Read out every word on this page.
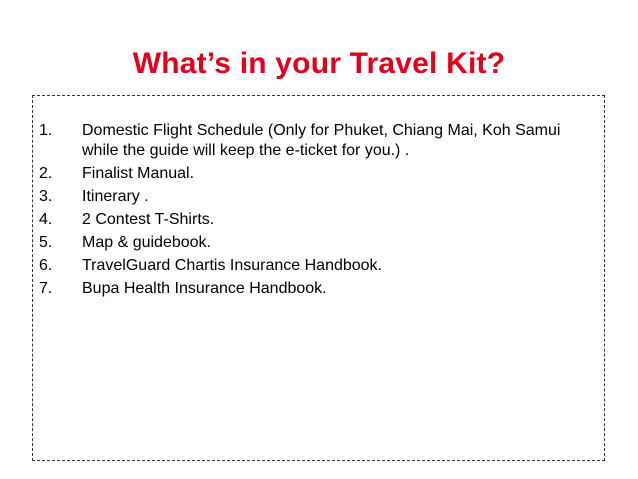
What’s in your Travel Kit?
1.	Domestic Flight Schedule (Only for Phuket, Chiang Mai, Koh Samui while the guide will keep the e-ticket for you.) .
2.	Finalist Manual.
3.	Itinerary .
4.	2 Contest T-Shirts.
5.	Map & guidebook.
6.	TravelGuard Chartis Insurance Handbook.
7.	Bupa Health Insurance Handbook.
